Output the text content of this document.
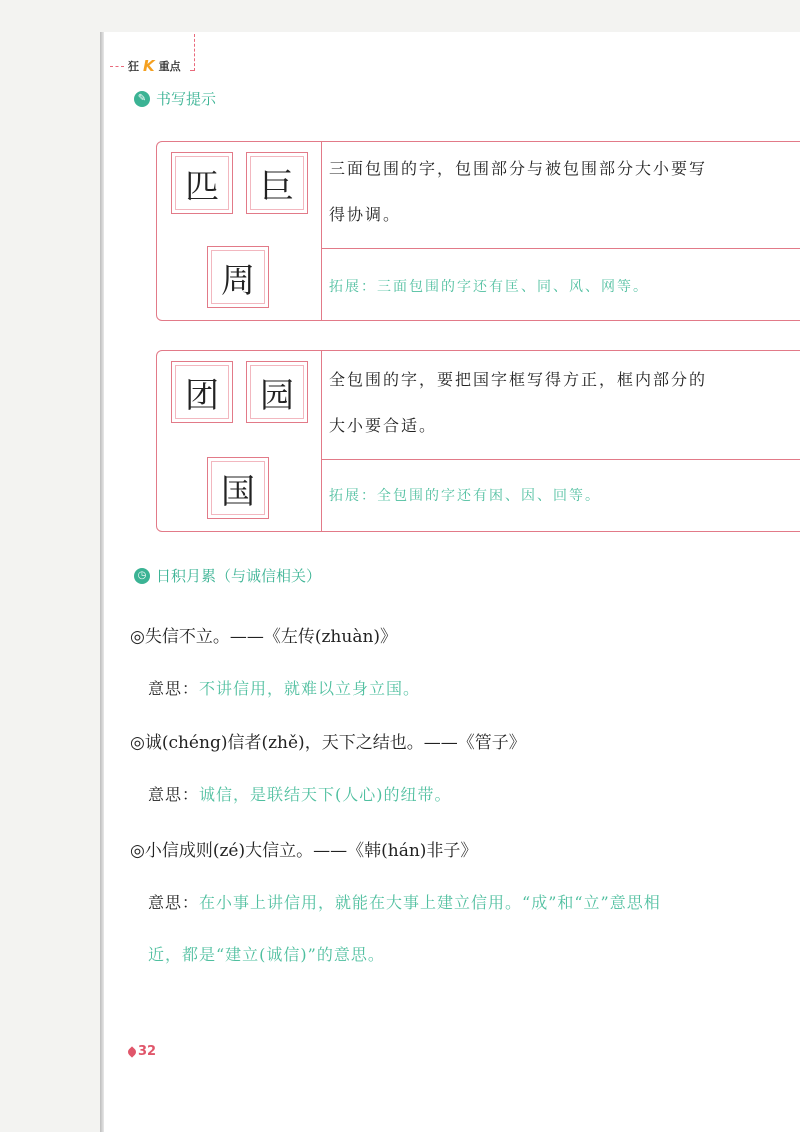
狂 K 重点
✎ 书写提示
匹	巨
周
三面包围的字，包围部分与被包围部分大小要写
得协调。
拓展：三面包围的字还有匡、同、风、网等。
团	园
国
全包围的字，要把国字框写得方正，框内部分的
大小要合适。
拓展：全包围的字还有困、因、回等。
◷ 日积月累（与诚信相关）
◎失信不立。——《左传(zhuàn)》
意思：不讲信用，就难以立身立国。
◎诚(chéng)信者(zhě)，天下之结也。——《管子》
意思：诚信，是联结天下(人心)的纽带。
◎小信成则(zé)大信立。——《韩(hán)非子》
意思：在小事上讲信用，就能在大事上建立信用。“成”和“立”意思相
近，都是“建立(诚信)”的意思。
32
